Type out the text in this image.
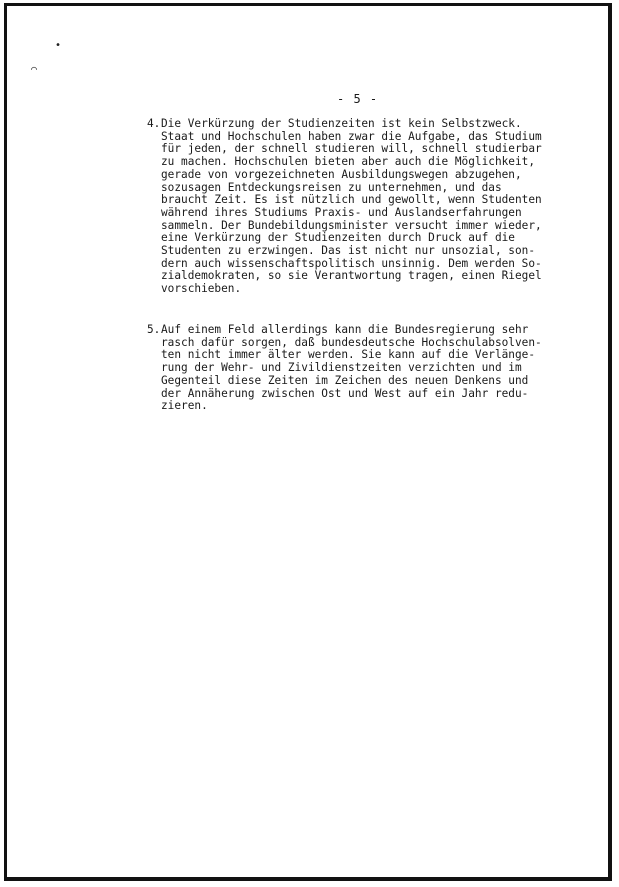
•
⌒
- 5 -
4. Die Verkürzung der Studienzeiten ist kein Selbstzweck.
Staat und Hochschulen haben zwar die Aufgabe, das Studium
für jeden, der schnell studieren will, schnell studierbar
zu machen. Hochschulen bieten aber auch die Möglichkeit,
gerade von vorgezeichneten Ausbildungswegen abzugehen,
sozusagen Entdeckungsreisen zu unternehmen, und das
braucht Zeit. Es ist nützlich und gewollt, wenn Studenten
während ihres Studiums Praxis- und Auslandserfahrungen
sammeln. Der Bundebildungsminister versucht immer wieder,
eine Verkürzung der Studienzeiten durch Druck auf die
Studenten zu erzwingen. Das ist nicht nur unsozial, son-
dern auch wissenschaftspolitisch unsinnig. Dem werden So-
zialdemokraten, so sie Verantwortung tragen, einen Riegel
vorschieben.
5. Auf einem Feld allerdings kann die Bundesregierung sehr
rasch dafür sorgen, daß bundesdeutsche Hochschulabsolven-
ten nicht immer älter werden. Sie kann auf die Verlänge-
rung der Wehr- und Zivildienstzeiten verzichten und im
Gegenteil diese Zeiten im Zeichen des neuen Denkens und
der Annäherung zwischen Ost und West auf ein Jahr redu-
zieren.
